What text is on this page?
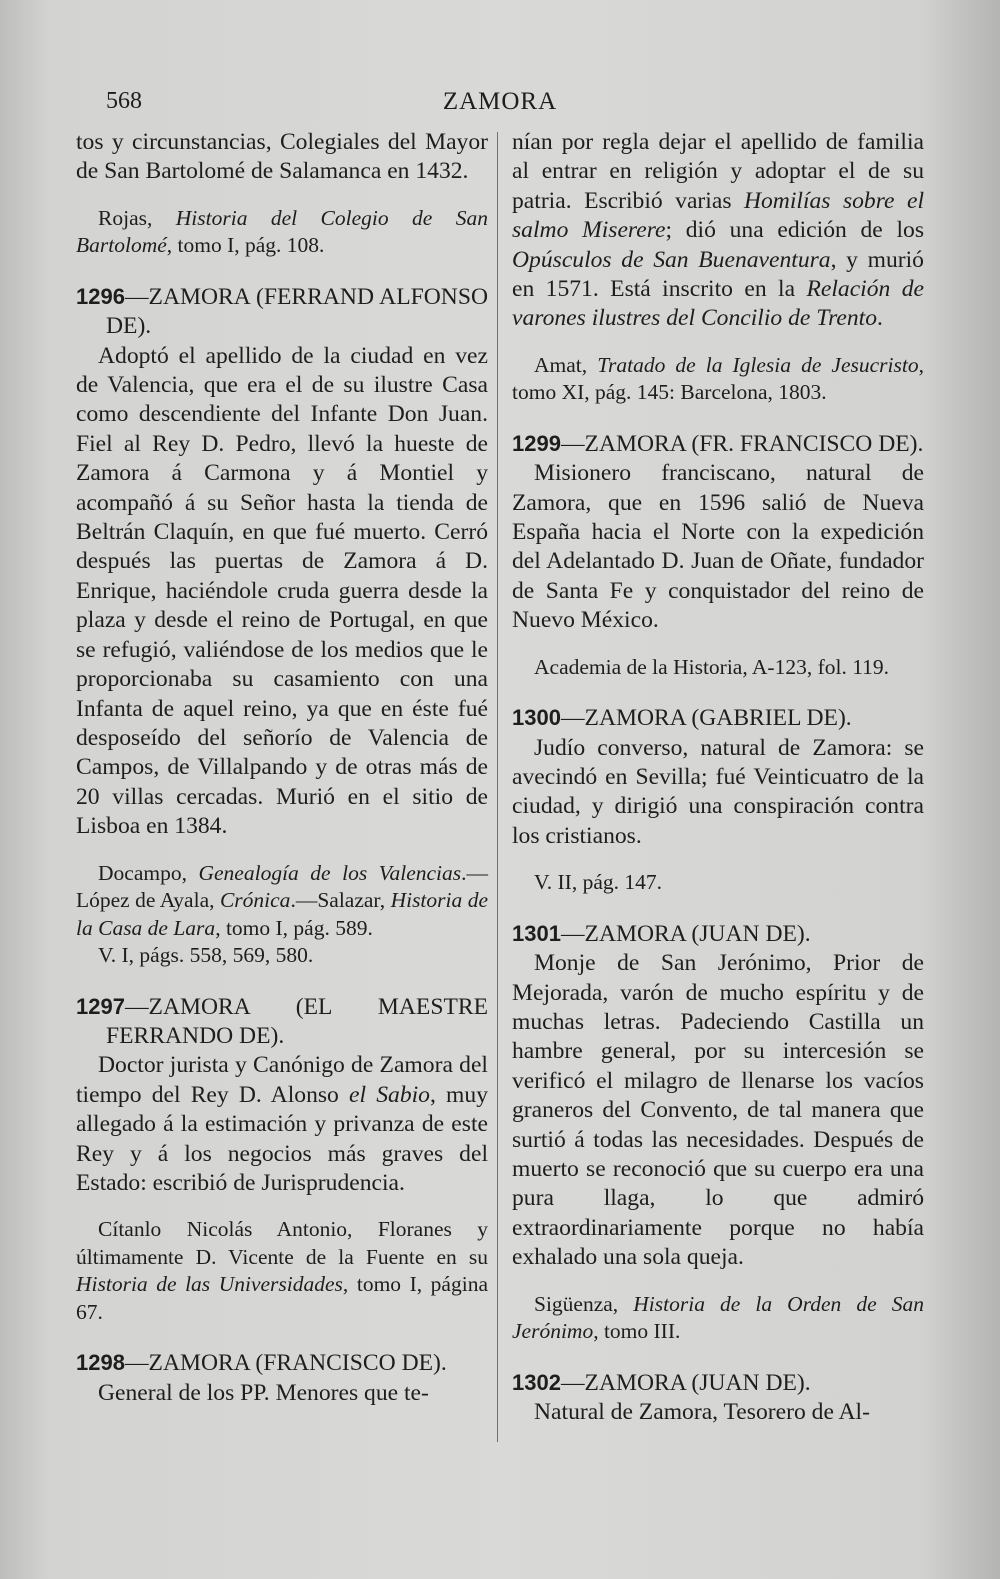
568	ZAMORA

tos y circunstancias, Colegiales del Mayor de San Bartolomé de Salamanca en 1432.

Rojas, Historia del Colegio de San Bartolomé, tomo I, pág. 108.

1296—ZAMORA (FERRAND ALFONSO DE).

Adoptó el apellido de la ciudad en vez de Valencia, que era el de su ilustre Casa como descendiente del Infante Don Juan. Fiel al Rey D. Pedro, llevó la hueste de Zamora á Carmona y á Montiel y acompañó á su Señor hasta la tienda de Beltrán Claquín, en que fué muerto. Cerró después las puertas de Zamora á D. Enrique, haciéndole cruda guerra desde la plaza y desde el reino de Portugal, en que se refugió, valiéndose de los medios que le proporcionaba su casamiento con una Infanta de aquel reino, ya que en éste fué desposeído del señorío de Valencia de Campos, de Villalpando y de otras más de 20 villas cercadas. Murió en el sitio de Lisboa en 1384.

Docampo, Genealogía de los Valencias.—López de Ayala, Crónica.—Salazar, Historia de la Casa de Lara, tomo I, pág. 589.

V. I, págs. 558, 569, 580.

1297—ZAMORA (EL MAESTRE FERRANDO DE).

Doctor jurista y Canónigo de Zamora del tiempo del Rey D. Alonso el Sabio, muy allegado á la estimación y privanza de este Rey y á los negocios más graves del Estado: escribió de Jurisprudencia.

Cítanlo Nicolás Antonio, Floranes y últimamente D. Vicente de la Fuente en su Historia de las Universidades, tomo I, página 67.

1298—ZAMORA (FRANCISCO DE).

General de los PP. Menores que te-

nían por regla dejar el apellido de familia al entrar en religión y adoptar el de su patria. Escribió varias Homilías sobre el salmo Miserere; dió una edición de los Opúsculos de San Buenaventura, y murió en 1571. Está inscrito en la Relación de varones ilustres del Concilio de Trento.

Amat, Tratado de la Iglesia de Jesucristo, tomo XI, pág. 145: Barcelona, 1803.

1299—ZAMORA (FR. FRANCISCO DE).

Misionero franciscano, natural de Zamora, que en 1596 salió de Nueva España hacia el Norte con la expedición del Adelantado D. Juan de Oñate, fundador de Santa Fe y conquistador del reino de Nuevo México.

Academia de la Historia, A-123, fol. 119.

1300—ZAMORA (GABRIEL DE).

Judío converso, natural de Zamora: se avecindó en Sevilla; fué Veinticuatro de la ciudad, y dirigió una conspiración contra los cristianos.

V. II, pág. 147.

1301—ZAMORA (JUAN DE).

Monje de San Jerónimo, Prior de Mejorada, varón de mucho espíritu y de muchas letras. Padeciendo Castilla un hambre general, por su intercesión se verificó el milagro de llenarse los vacíos graneros del Convento, de tal manera que surtió á todas las necesidades. Después de muerto se reconoció que su cuerpo era una pura llaga, lo que admiró extraordinariamente porque no había exhalado una sola queja.

Sigüenza, Historia de la Orden de San Jerónimo, tomo III.

1302—ZAMORA (JUAN DE).

Natural de Zamora, Tesorero de Al-
